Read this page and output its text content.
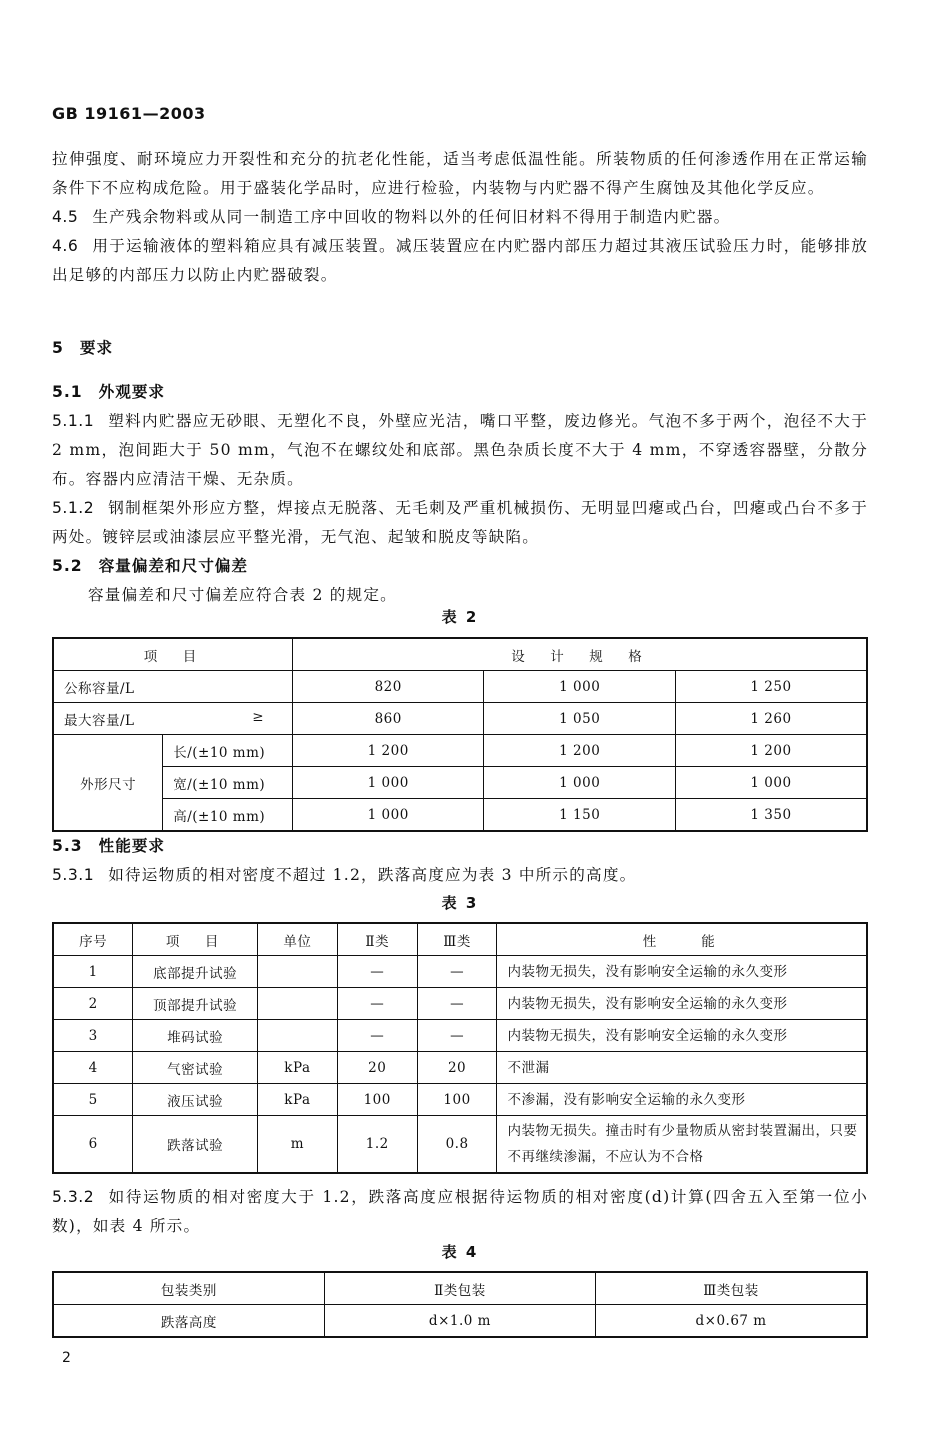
GB 19161—2003

拉伸强度、耐环境应力开裂性和充分的抗老化性能，适当考虑低温性能。所装物质的任何渗透作用在正常运输条件下不应构成危险。用于盛装化学品时，应进行检验，内装物与内贮器不得产生腐蚀及其他化学反应。

4.5 生产残余物料或从同一制造工序中回收的物料以外的任何旧材料不得用于制造内贮器。

4.6 用于运输液体的塑料箱应具有减压装置。减压装置应在内贮器内部压力超过其液压试验压力时，能够排放出足够的内部压力以防止内贮器破裂。

5 要求

5.1 外观要求

5.1.1 塑料内贮器应无砂眼、无塑化不良，外壁应光洁，嘴口平整，废边修光。气泡不多于两个，泡径不大于 2 mm，泡间距大于 50 mm，气泡不在螺纹处和底部。黑色杂质长度不大于 4 mm，不穿透容器壁，分散分布。容器内应清洁干燥、无杂质。

5.1.2 钢制框架外形应方整，焊接点无脱落、无毛刺及严重机械损伤、无明显凹瘪或凸台，凹瘪或凸台不多于两处。镀锌层或油漆层应平整光滑，无气泡、起皱和脱皮等缺陷。

5.2 容量偏差和尺寸偏差

容量偏差和尺寸偏差应符合表 2 的规定。

表 2
项　目		设　计　规　格		
公称容量/L		820	1 000	1 250
最大容量/L ≥		860	1 050	1 260
外形尺寸	长/(±10 mm)	1 200	1 200	1 200
	宽/(±10 mm)	1 000	1 000	1 000
	高/(±10 mm)	1 000	1 150	1 350

5.3 性能要求

5.3.1 如待运物质的相对密度不超过 1.2，跌落高度应为表 3 中所示的高度。

表 3
序号	项　目	单位	Ⅱ类	Ⅲ类	性　　能
1	底部提升试验		—	—	内装物无损失，没有影响安全运输的永久变形
2	顶部提升试验		—	—	内装物无损失，没有影响安全运输的永久变形
3	堆码试验		—	—	内装物无损失，没有影响安全运输的永久变形
4	气密试验	kPa	20	20	不泄漏
5	液压试验	kPa	100	100	不渗漏，没有影响安全运输的永久变形
6	跌落试验	m	1.2	0.8	内装物无损失。撞击时有少量物质从密封装置漏出，只要不再继续渗漏，不应认为不合格

5.3.2 如待运物质的相对密度大于 1.2，跌落高度应根据待运物质的相对密度(d)计算(四舍五入至第一位小数)，如表 4 所示。

表 4
包装类别	Ⅱ类包装	Ⅲ类包装
跌落高度	d×1.0 m	d×0.67 m
2
